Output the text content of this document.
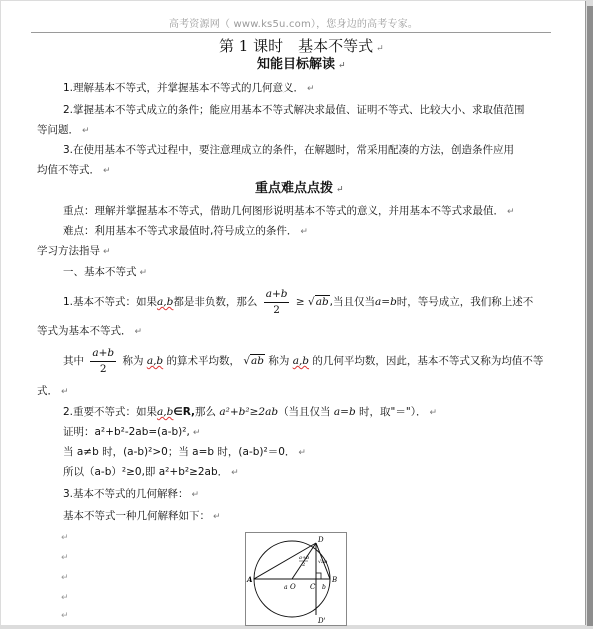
高考资源网（ www.ks5u.com），您身边的高考专家。
第 1 课时　基本不等式 ↵
知能目标解读 ↵
1.理解基本不等式，并掌握基本不等式的几何意义． ↵
2.掌握基本不等式成立的条件；能应用基本不等式解决求最值、证明不等式、比较大小、求取值范围
等问题． ↵
3.在使用基本不等式过程中，要注意理成立的条件，在解题时，常采用配凑的方法，创造条件应用
均值不等式． ↵
重点难点点拨 ↵
重点：理解并掌握基本不等式，借助几何图形说明基本不等式的意义，并用基本不等式求最值． ↵
难点：利用基本不等式求最值时,符号成立的条件． ↵
学习方法指导 ↵
一、基本不等式 ↵
1.基本不等式：如果a,b都是非负数，那么 $\frac{a+b}{2} \ge √ab$,当且仅当a=b时，等号成立，我们称上述不
等式为基本不等式． ↵
其中 $\frac{a+b}{2}$ 称为 a,b 的算术平均数， √ab 称为 a,b 的几何平均数，因此，基本不等式又称为均值不等
式． ↵
2.重要不等式：如果a,b∈R,那么 a²+b²≥2ab（当且仅当 a=b 时，取"＝"）． ↵
证明：a²+b²-2ab=(a-b)², ↵
当 a≠b 时，(a-b)²>0；当 a=b 时，(a-b)²＝0． ↵
所以（a-b）²≥0,即 a²+b²≥2ab． ↵
3.基本不等式的几何解释： ↵
基本不等式一种几何解释如下： ↵
↵
↵
↵
↵
↵
A
O C
B
D
D'
a	b
a+b
2	√ab
